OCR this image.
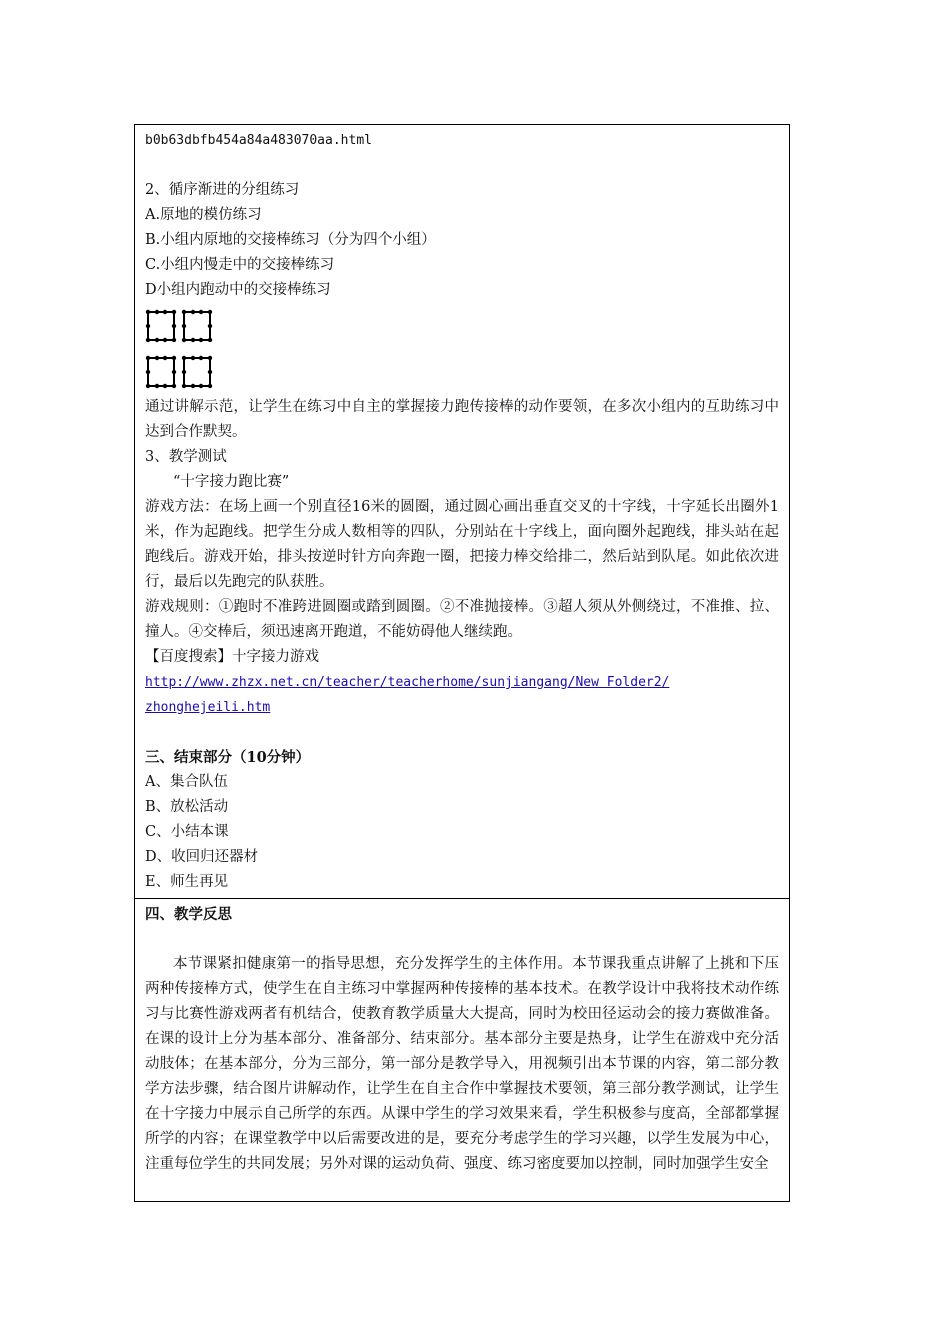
b0b63dbfb454a84a483070aa.html
2、循序渐进的分组练习
A.原地的模仿练习
B.小组内原地的交接棒练习（分为四个小组）
C.小组内慢走中的交接棒练习
D小组内跑动中的交接棒练习
通过讲解示范，让学生在练习中自主的掌握接力跑传接棒的动作要领，在多次小组内的互助练习中达到合作默契。
3、教学测试
“十字接力跑比赛”
游戏方法：在场上画一个别直径16米的圆圈，通过圆心画出垂直交叉的十字线，十字延长出圈外1米，作为起跑线。把学生分成人数相等的四队，分别站在十字线上，面向圈外起跑线，排头站在起跑线后。游戏开始，排头按逆时针方向奔跑一圈，把接力棒交给排二，然后站到队尾。如此依次进行，最后以先跑完的队获胜。
游戏规则：①跑时不准跨进圆圈或踏到圆圈。②不准抛接棒。③超人须从外侧绕过，不准推、拉、撞人。④交棒后，须迅速离开跑道，不能妨碍他人继续跑。
【百度搜索】十字接力游戏
http://www.zhzx.net.cn/teacher/teacherhome/sunjiangang/New Folder2/
zhonghejeili.htm
三、结束部分（10分钟）
A、集合队伍
B、放松活动
C、小结本课
D、收回归还器材
E、师生再见
四、教学反思
本节课紧扣健康第一的指导思想，充分发挥学生的主体作用。本节课我重点讲解了上挑和下压两种传接棒方式，使学生在自主练习中掌握两种传接棒的基本技术。在教学设计中我将技术动作练习与比赛性游戏两者有机结合，使教育教学质量大大提高，同时为校田径运动会的接力赛做准备。在课的设计上分为基本部分、准备部分、结束部分。基本部分主要是热身，让学生在游戏中充分活动肢体；在基本部分，分为三部分，第一部分是教学导入，用视频引出本节课的内容，第二部分教学方法步骤，结合图片讲解动作，让学生在自主合作中掌握技术要领，第三部分教学测试，让学生在十字接力中展示自己所学的东西。从课中学生的学习效果来看，学生积极参与度高，全部都掌握所学的内容；在课堂教学中以后需要改进的是，要充分考虑学生的学习兴趣，以学生发展为中心，注重每位学生的共同发展；另外对课的运动负荷、强度、练习密度要加以控制，同时加强学生安全
